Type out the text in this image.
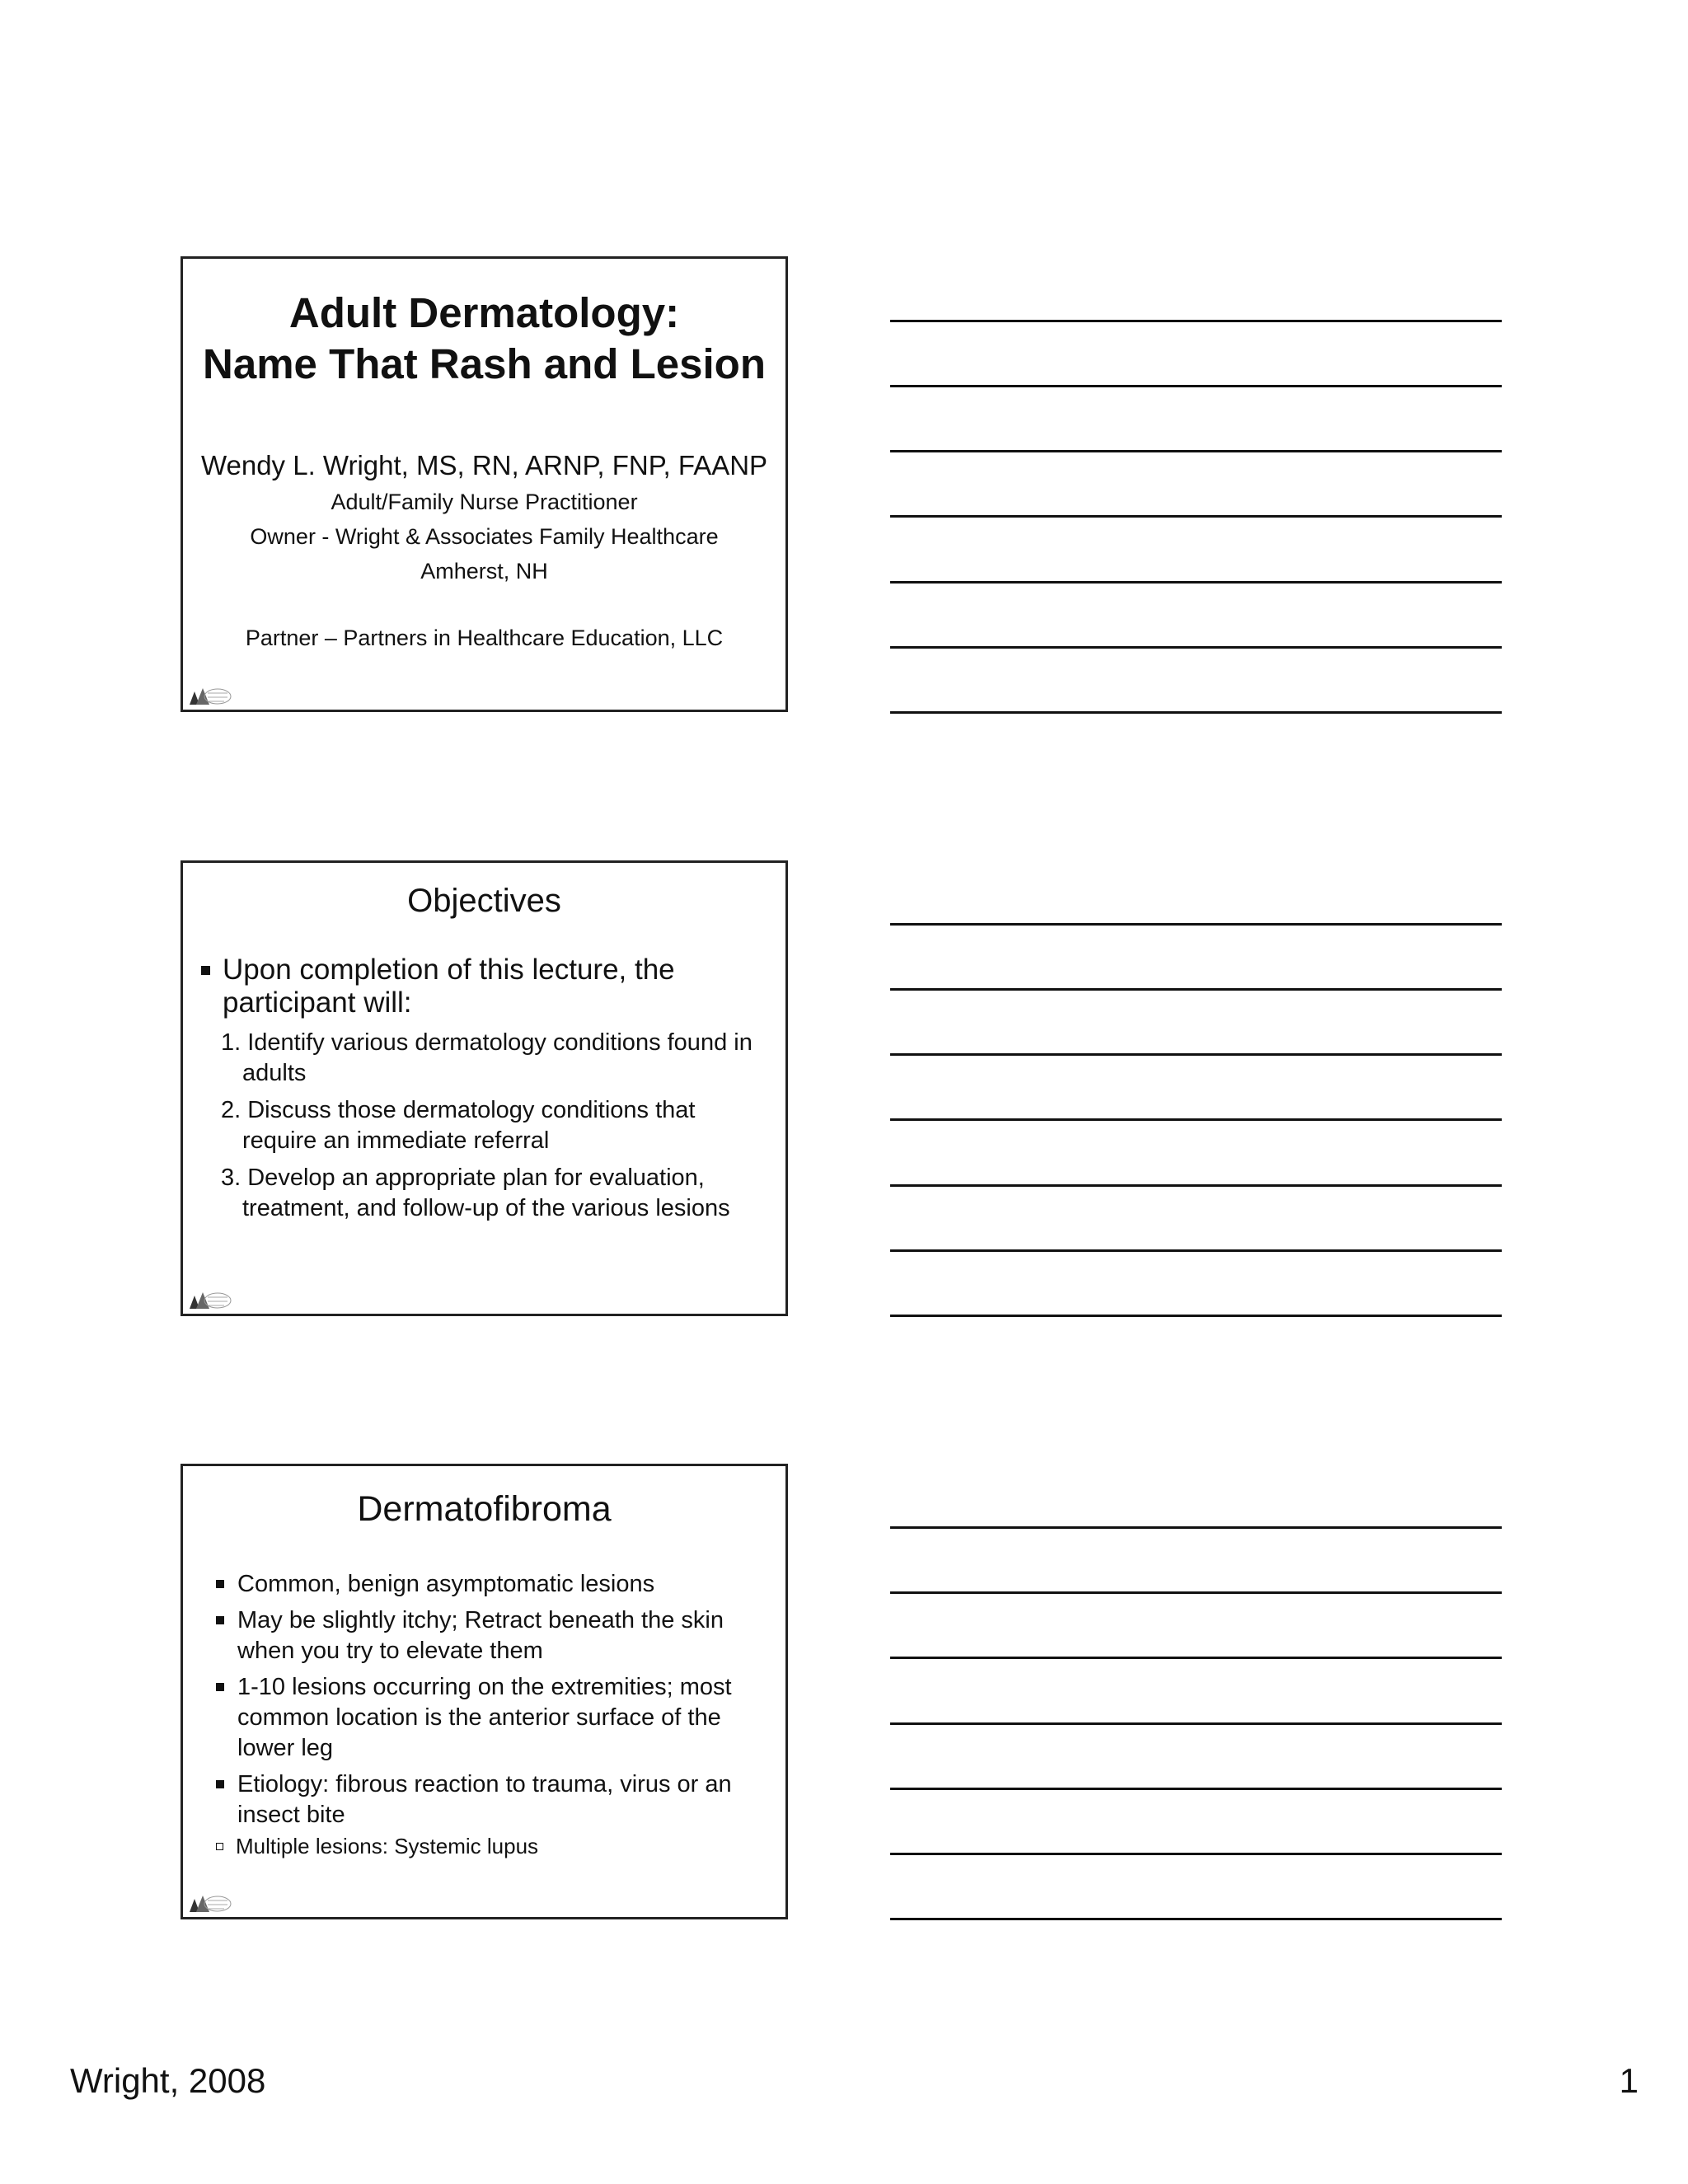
Adult Dermatology:
Name That Rash and Lesion
Wendy L. Wright, MS, RN, ARNP, FNP, FAANP
Adult/Family Nurse Practitioner
Owner - Wright & Associates Family Healthcare
Amherst, NH
Partner – Partners in Healthcare Education, LLC
Objectives
Upon completion of this lecture, the participant will:
1. Identify various dermatology conditions found in adults
2. Discuss those dermatology conditions that require an immediate referral
3. Develop an appropriate plan for evaluation, treatment, and follow-up of the various lesions
Dermatofibroma
Common, benign asymptomatic lesions
May be slightly itchy; Retract beneath the skin when you try to elevate them
1-10 lesions occurring on the extremities; most common location is the anterior surface of the lower leg
Etiology: fibrous reaction to trauma, virus or an insect bite
Multiple lesions: Systemic lupus
Wright, 2008	1
